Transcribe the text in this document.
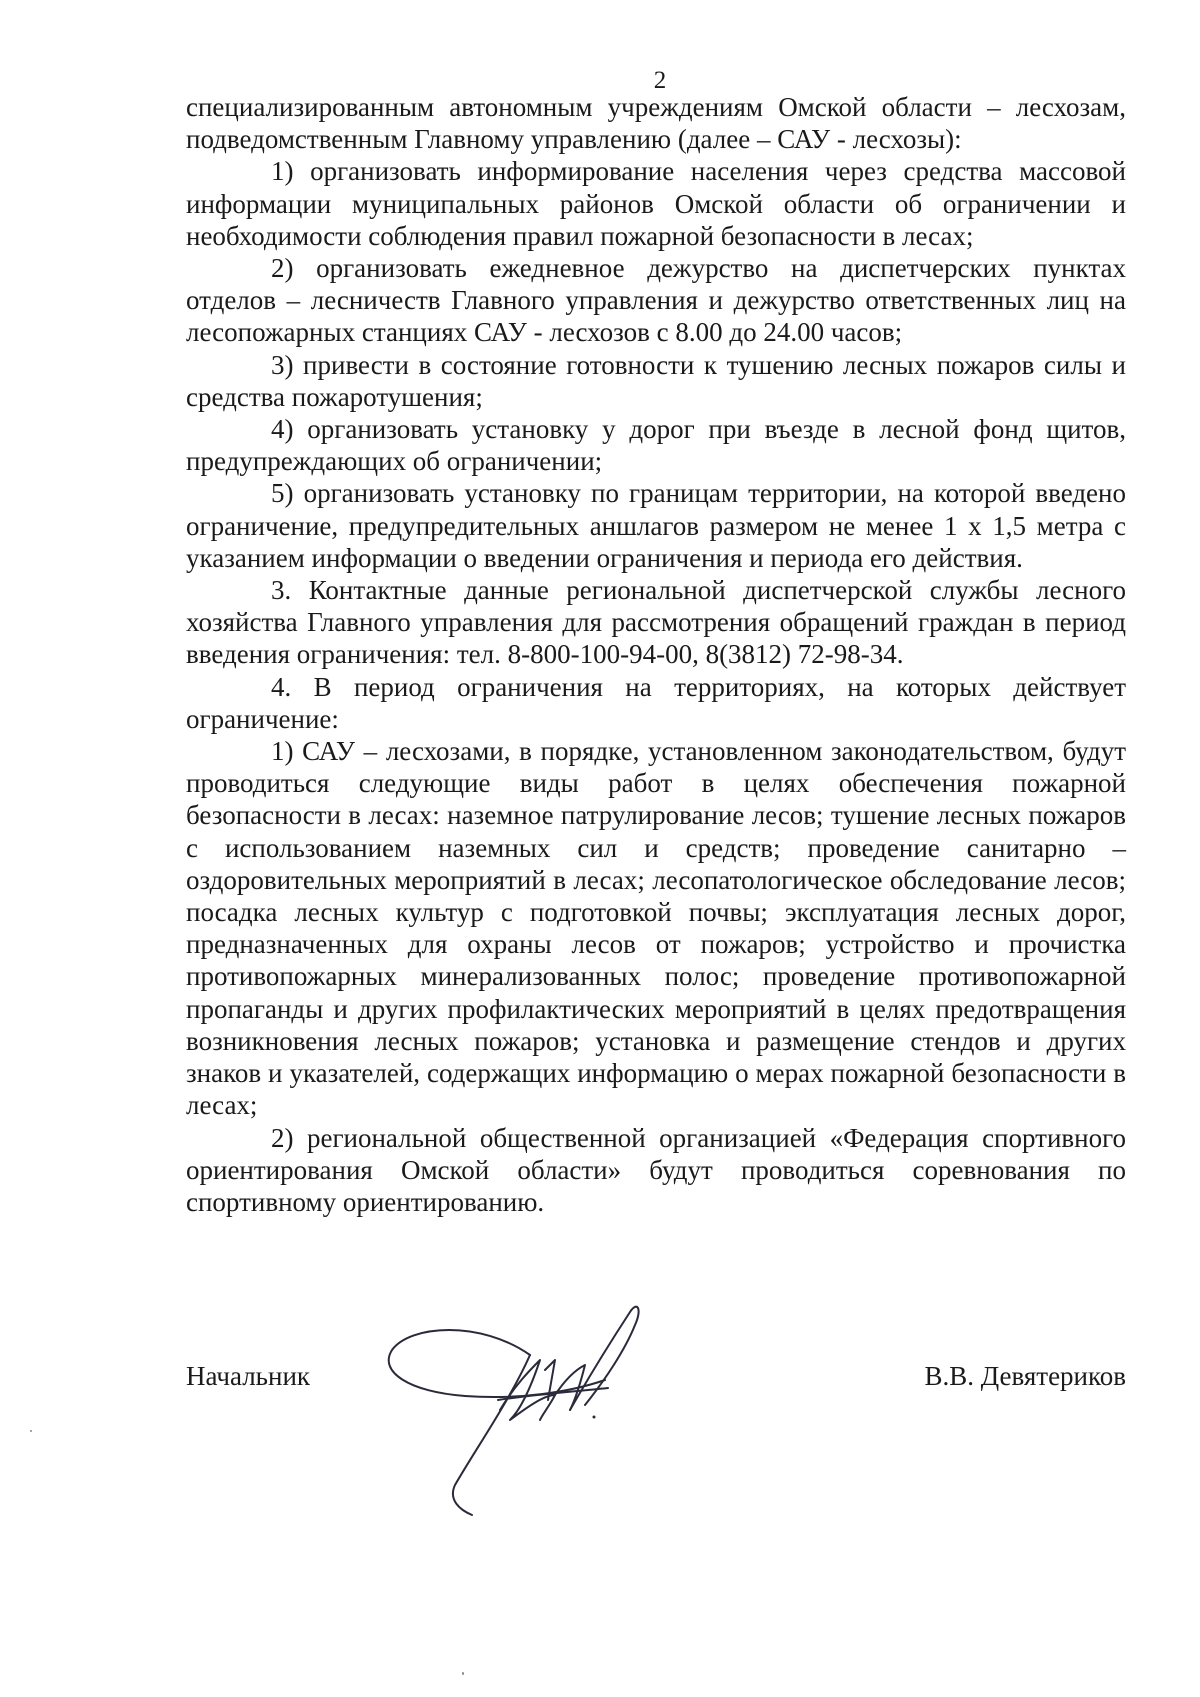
2

специализированным автономным учреждениям Омской области – лесхозам, подведомственным Главному управлению (далее – САУ - лесхозы):

1) организовать информирование населения через средства массовой информации муниципальных районов Омской области об ограничении и необходимости соблюдения правил пожарной безопасности в лесах;

2) организовать ежедневное дежурство на диспетчерских пунктах отделов – лесничеств Главного управления и дежурство ответственных лиц на лесопожарных станциях САУ - лесхозов с 8.00 до 24.00 часов;

3) привести в состояние готовности к тушению лесных пожаров силы и средства пожаротушения;

4) организовать установку у дорог при въезде в лесной фонд щитов, предупреждающих об ограничении;

5) организовать установку по границам территории, на которой введено ограничение, предупредительных аншлагов размером не менее 1 х 1,5 метра с указанием информации о введении ограничения и периода его действия.

3. Контактные данные региональной диспетчерской службы лесного хозяйства Главного управления для рассмотрения обращений граждан в период введения ограничения: тел. 8-800-100-94-00, 8(3812) 72-98-34.

4. В период ограничения на территориях, на которых действует ограничение:

1) САУ – лесхозами, в порядке, установленном законодательством, будут проводиться следующие виды работ в целях обеспечения пожарной безопасности в лесах: наземное патрулирование лесов; тушение лесных пожаров с использованием наземных сил и средств; проведение санитарно – оздоровительных мероприятий в лесах; лесопатологическое обследование лесов; посадка лесных культур с подготовкой почвы; эксплуатация лесных дорог, предназначенных для охраны лесов от пожаров; устройство и прочистка противопожарных минерализованных полос; проведение противопожарной пропаганды и других профилактических мероприятий в целях предотвращения возникновения лесных пожаров; установка и размещение стендов и других знаков и указателей, содержащих информацию о мерах пожарной безопасности в лесах;

2) региональной общественной организацией «Федерация спортивного ориентирования Омской области» будут проводиться соревнования по спортивному ориентированию.

Начальник	В.В. Девятериков
